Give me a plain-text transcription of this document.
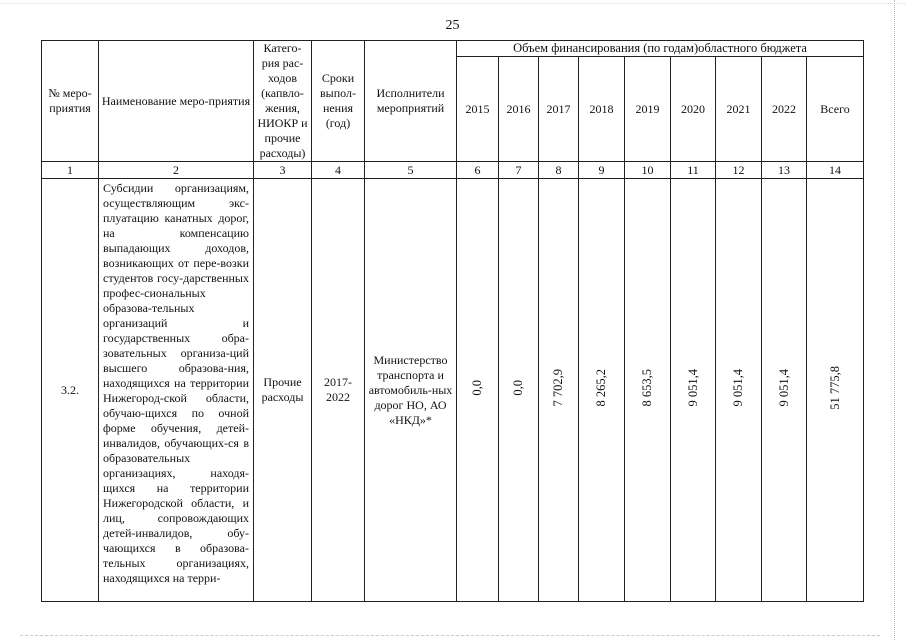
25
№ меро-приятия	Наименование меро-приятия	Катего-рия рас-ходов (капвло-жения, НИОКР и прочие расходы)	Сроки выпол-нения (год)	Исполнители мероприятий	Объем финансирования (по годам)областного бюджета								
					2015	2016	2017	2018	2019	2020	2021	2022	Всего
1	2	3	4	5	6	7	8	9	10	11	12	13	14
3.2.	Субсидии организациям, осуществляющим экс-плуатацию канатных дорог, на компенсацию выпадающих доходов, возникающих от пере-возки студентов госу-дарственных профес-сиональных образова-тельных организаций и государственных обра-зовательных организа-ций высшего образова-ния, находящихся на территории Нижегород-ской области, обучаю-щихся по очной форме обучения, детей-инвалидов, обучающих-ся в образовательных организациях, находя-щихся на территории Нижегородской области, и лиц, сопровождающих детей-инвалидов, обу-чающихся в образова-тельных организациях, находящихся на терри-	Прочие расходы	2017-2022	Министерство транспорта и автомобиль-ных дорог НО, АО «НКД»*	0,0	0,0	7 702,9	8 265,2	8 653,5	9 051,4	9 051,4	9 051,4	51 775,8
